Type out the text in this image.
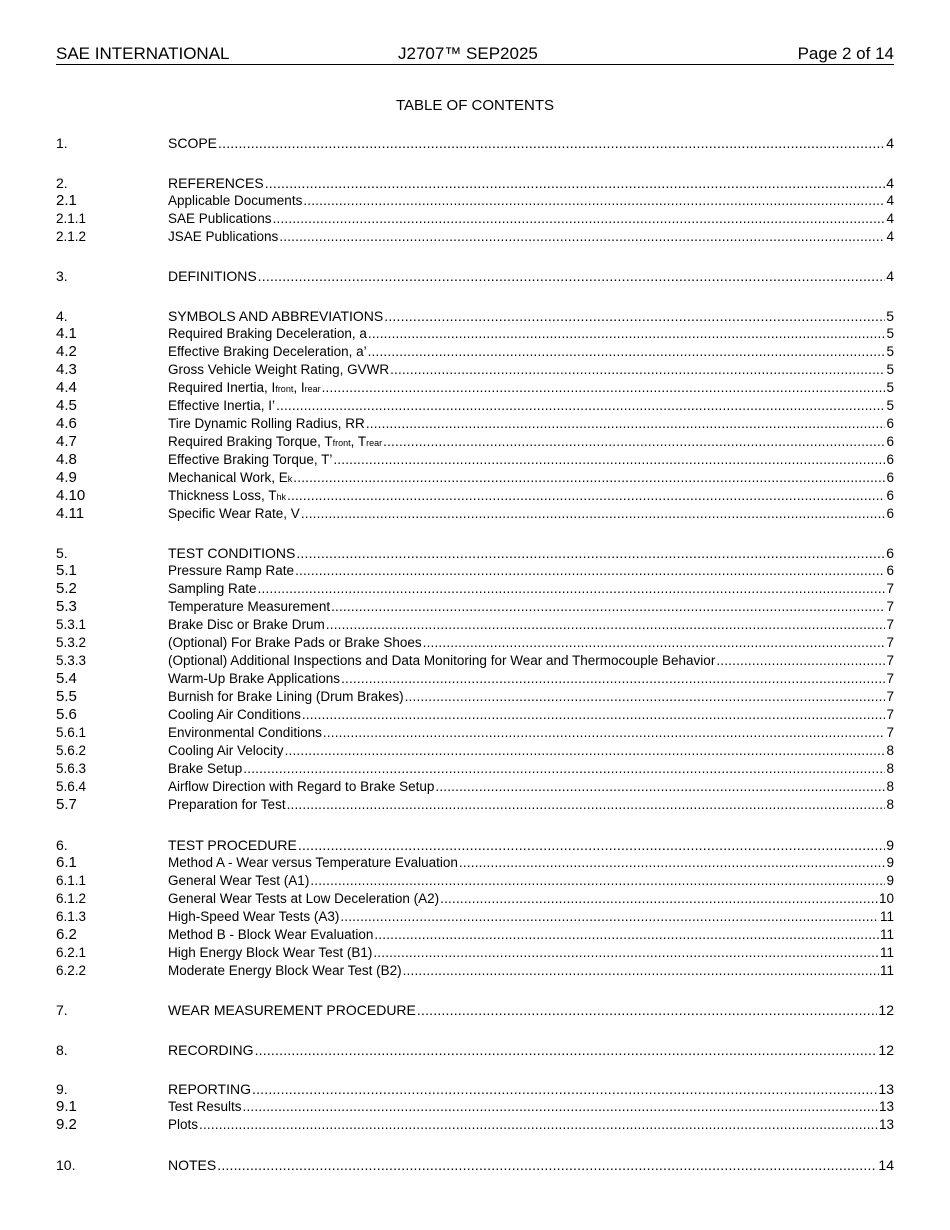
SAE INTERNATIONAL	J2707™ SEP2025	Page 2 of 14
TABLE OF CONTENTS
1.	SCOPE .....	4
2.	REFERENCES .....	4
2.1	Applicable Documents .....	4
2.1.1	SAE Publications .....	4
2.1.2	JSAE Publications .....	4
3.	DEFINITIONS .....	4
4.	SYMBOLS AND ABBREVIATIONS .....	5
4.1	Required Braking Deceleration, a .....	5
4.2	Effective Braking Deceleration, a’ .....	5
4.3	Gross Vehicle Weight Rating, GVWR .....	5
4.4	Required Inertia, Ifront, Irear .....	5
4.5	Effective Inertia, I’ .....	5
4.6	Tire Dynamic Rolling Radius, RR .....	6
4.7	Required Braking Torque, Tfront, Trear .....	6
4.8	Effective Braking Torque, T’ .....	6
4.9	Mechanical Work, Ek .....	6
4.10	Thickness Loss, Thk .....	6
4.11	Specific Wear Rate, V .....	6
5.	TEST CONDITIONS .....	6
5.1	Pressure Ramp Rate .....	6
5.2	Sampling Rate .....	7
5.3	Temperature Measurement .....	7
5.3.1	Brake Disc or Brake Drum .....	7
5.3.2	(Optional) For Brake Pads or Brake Shoes .....	7
5.3.3	(Optional) Additional Inspections and Data Monitoring for Wear and Thermocouple Behavior .....	7
5.4	Warm-Up Brake Applications .....	7
5.5	Burnish for Brake Lining (Drum Brakes) .....	7
5.6	Cooling Air Conditions .....	7
5.6.1	Environmental Conditions .....	7
5.6.2	Cooling Air Velocity .....	8
5.6.3	Brake Setup .....	8
5.6.4	Airflow Direction with Regard to Brake Setup .....	8
5.7	Preparation for Test .....	8
6.	TEST PROCEDURE .....	9
6.1	Method A - Wear versus Temperature Evaluation .....	9
6.1.1	General Wear Test (A1) .....	9
6.1.2	General Wear Tests at Low Deceleration (A2) .....	10
6.1.3	High-Speed Wear Tests (A3) .....	11
6.2	Method B - Block Wear Evaluation .....	11
6.2.1	High Energy Block Wear Test (B1) .....	11
6.2.2	Moderate Energy Block Wear Test (B2) .....	11
7.	WEAR MEASUREMENT PROCEDURE .....	12
8.	RECORDING .....	12
9.	REPORTING .....	13
9.1	Test Results .....	13
9.2	Plots .....	13
10.	NOTES .....	14
